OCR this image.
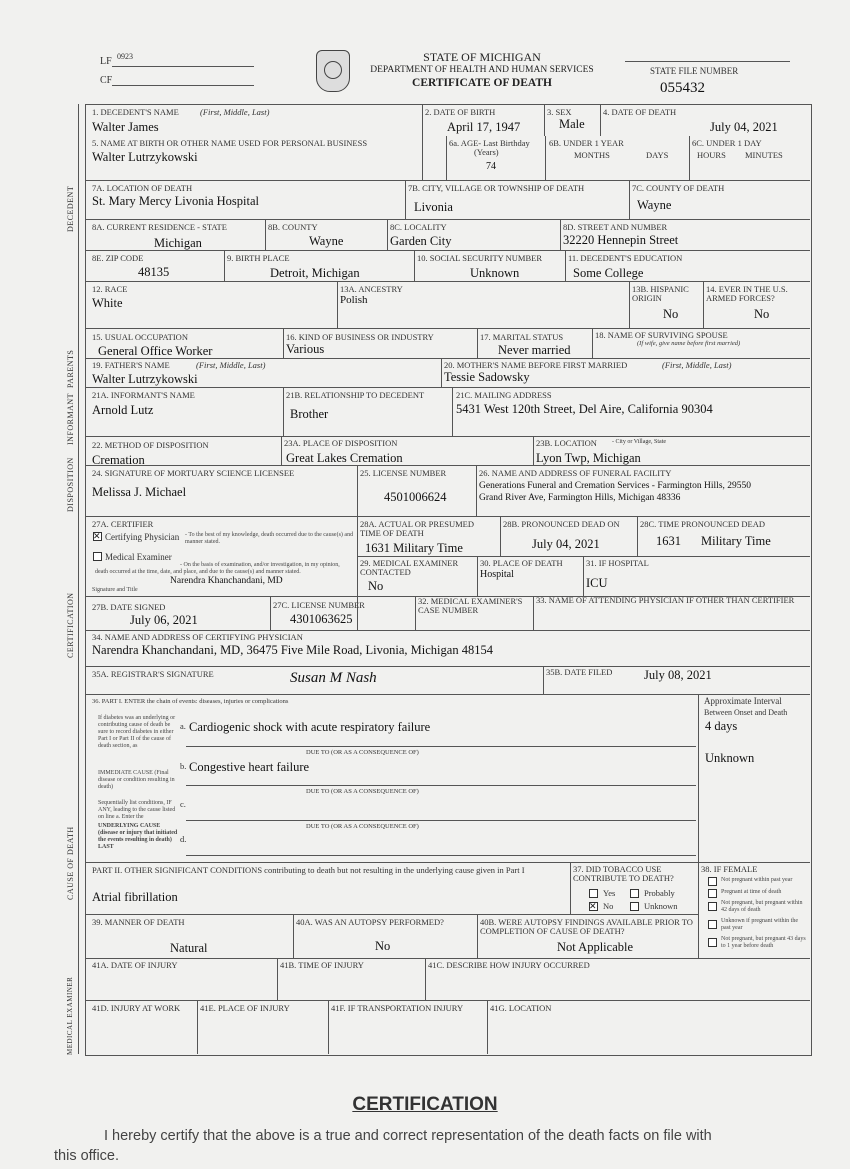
LF 0923
CF
STATE OF MICHIGAN
DEPARTMENT OF HEALTH AND HUMAN SERVICES
CERTIFICATE OF DEATH
STATE FILE NUMBER
055432
DECEDENT
PARENTS
INFORMANT
DISPOSITION
CERTIFICATION
CAUSE OF DEATH
MEDICAL EXAMINER
1. DECEDENT'S NAME (First, Middle, Last)
Walter James
2. DATE OF BIRTH
April 17, 1947
3. SEX
Male
4. DATE OF DEATH
July 04, 2021
5. NAME AT BIRTH OR OTHER NAME USED FOR PERSONAL BUSINESS
Walter Lutrzykowski
6a. AGE- Last Birthday
(Years)
74
6B. UNDER 1 YEAR
MONTHS	DAYS
6C. UNDER 1 DAY
HOURS MINUTES
7A. LOCATION OF DEATH
St. Mary Mercy Livonia Hospital
7B. CITY, VILLAGE OR TOWNSHIP OF DEATH
Livonia
7C. COUNTY OF DEATH
Wayne
8A. CURRENT RESIDENCE - STATE
Michigan
8B. COUNTY
Wayne
8C. LOCALITY
Garden City
8D. STREET AND NUMBER
32220 Hennepin Street
8E. ZIP CODE
48135
9. BIRTH PLACE
Detroit, Michigan
10. SOCIAL SECURITY NUMBER
Unknown
11. DECEDENT'S EDUCATION
Some College
12. RACE
White
13A. ANCESTRY
Polish
13B. HISPANIC ORIGIN
No
14. EVER IN THE U.S. ARMED FORCES?
No
15. USUAL OCCUPATION
General Office Worker
16. KIND OF BUSINESS OR INDUSTRY
Various
17. MARITAL STATUS
Never married
18. NAME OF SURVIVING SPOUSE
(If wife, give name before first married)
19. FATHER'S NAME	(First, Middle, Last)
Walter Lutrzykowski
20. MOTHER'S NAME BEFORE FIRST MARRIED	(First, Middle, Last)
Tessie Sadowsky
21A. INFORMANT'S NAME
Arnold Lutz
21B. RELATIONSHIP TO DECEDENT
Brother
21C. MAILING ADDRESS
5431 West 120th Street, Del Aire, California 90304
22. METHOD OF DISPOSITION
Cremation
23A. PLACE OF DISPOSITION
Great Lakes Cremation
23B. LOCATION	- City or Village, State
Lyon Twp, Michigan
24. SIGNATURE OF MORTUARY SCIENCE LICENSEE
Melissa J. Michael
25. LICENSE NUMBER
4501006624
26. NAME AND ADDRESS OF FUNERAL FACILITY
Generations Funeral and Cremation Services - Farmington Hills, 29550
Grand River Ave, Farmington Hills, Michigan 48336
27A. CERTIFIER
✕
Certifying Physician - To the best of my knowledge, death occurred due to the cause(s) and manner stated.
Medical Examiner
- On the basis of examination, and/or investigation, in my opinion, death occurred at the time, date, and place, and due to the cause(s) and manner stated.
Narendra Khanchandani, MD
Signature and Title
28A. ACTUAL OR PRESUMED TIME OF DEATH
1631 Military Time
28B. PRONOUNCED DEAD ON
July 04, 2021
28C. TIME PRONOUNCED DEAD
1631 Military Time
29. MEDICAL EXAMINER CONTACTED
No
30. PLACE OF DEATH
Hospital
31. IF HOSPITAL
ICU
27B. DATE SIGNED
July 06, 2021
27C. LICENSE NUMBER
4301063625
32. MEDICAL EXAMINER'S CASE NUMBER
33. NAME OF ATTENDING PHYSICIAN IF OTHER THAN CERTIFIER
34. NAME AND ADDRESS OF CERTIFYING PHYSICIAN
Narendra Khanchandani, MD, 36475 Five Mile Road, Livonia, Michigan 48154
35A. REGISTRAR'S SIGNATURE	Susan M Nash	35B. DATE FILED	July 08, 2021
36. PART I. ENTER the chain of events: diseases, injuries or complications	Approximate Interval
Between Onset and Death
If diabetes was an underlying or contributing cause of death be sure to record diabetes in either Part I or Part II of the cause of death section, as
IMMEDIATE CAUSE (Final disease or condition resulting in death)
Sequentially list conditions, IF ANY, leading to the cause listed on line a. Enter the
UNDERLYING CAUSE (disease or injury that initiated the events resulting in death) LAST
a. Cardiogenic shock with acute respiratory failure	4 days
DUE TO (OR AS A CONSEQUENCE OF)
b. Congestive heart failure
Unknown
DUE TO (OR AS A CONSEQUENCE OF)
c.
DUE TO (OR AS A CONSEQUENCE OF)
d.
PART II. OTHER SIGNIFICANT CONDITIONS contributing to death but not resulting in the underlying cause given in Part I
Atrial fibrillation
37. DID TOBACCO USE CONTRIBUTE TO DEATH?
Yes	Probably
✕
No	Unknown
38. IF FEMALE
Not pregnant within past year
Pregnant at time of death
Not pregnant, but pregnant within 42 days of death
Unknown if pregnant within the past year
Not pregnant, but pregnant 43 days to 1 year before death
39. MANNER OF DEATH
Natural
40A. WAS AN AUTOPSY PERFORMED?
No
40B. WERE AUTOPSY FINDINGS AVAILABLE PRIOR TO COMPLETION OF CAUSE OF DEATH?
Not Applicable
41A. DATE OF INJURY	41B. TIME OF INJURY	41C. DESCRIBE HOW INJURY OCCURRED
41D. INJURY AT WORK 41E. PLACE OF INJURY	41F. IF TRANSPORTATION INJURY	41G. LOCATION
CERTIFICATION
I hereby certify that the above is a true and correct representation of the death facts on file with
this office.
